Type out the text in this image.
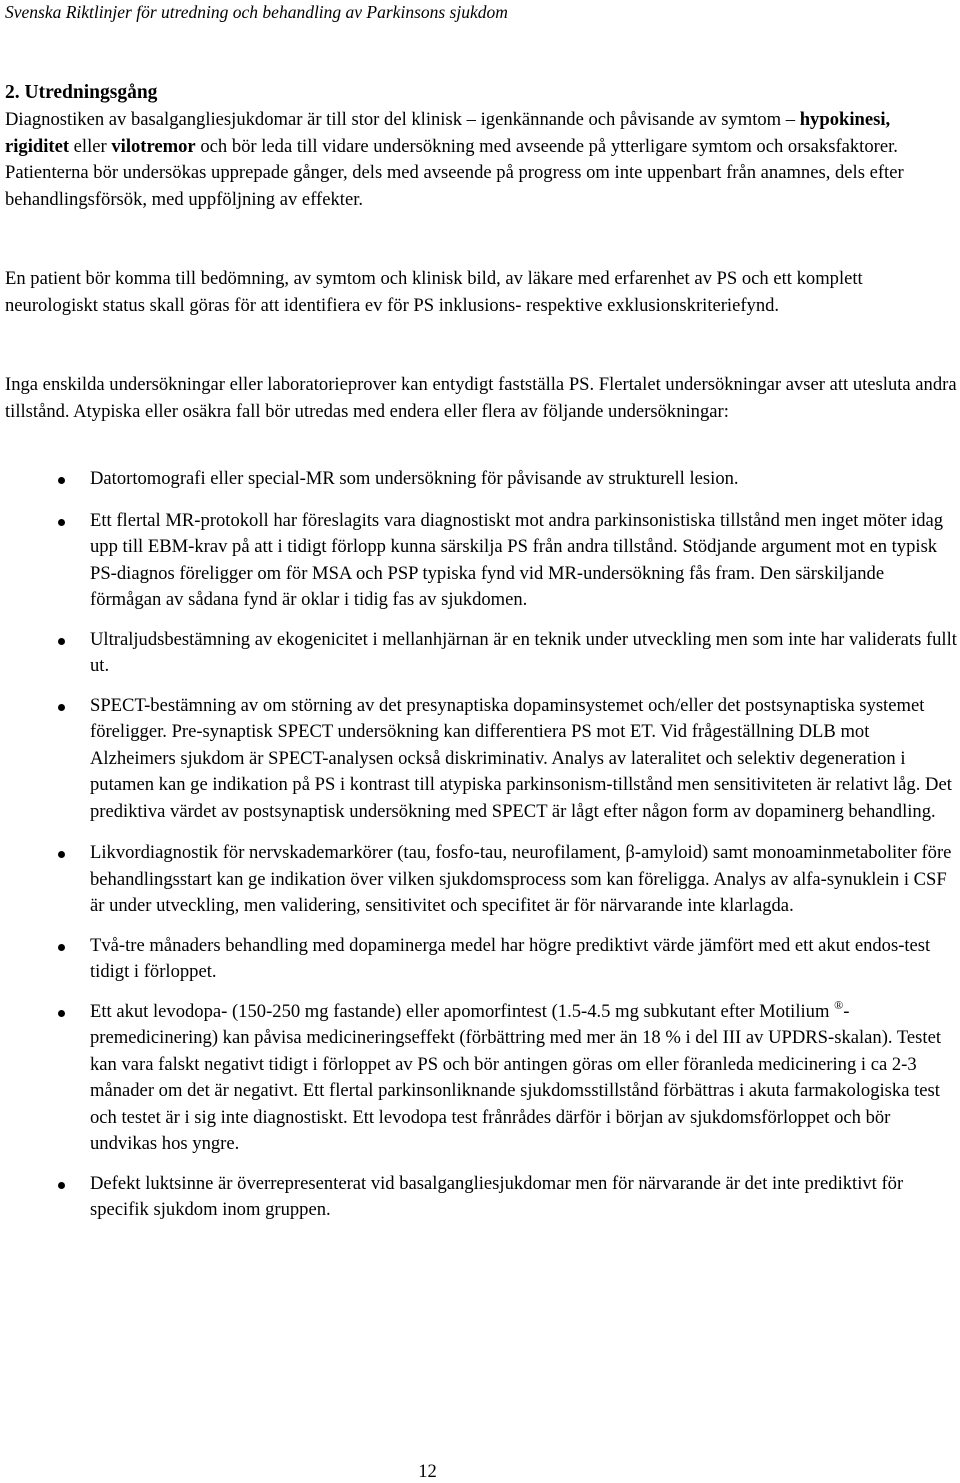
Svenska Riktlinjer för utredning och behandling av Parkinsons sjukdom
2. Utredningsgång

Diagnostiken av basalgangliesjukdomar är till stor del klinisk – igenkännande och påvisande av symtom – hypokinesi, rigiditet eller vilotremor och bör leda till vidare undersökning med avseende på ytterligare symtom och orsaksfaktorer. Patienterna bör undersökas upprepade gånger, dels med avseende på progress om inte uppenbart från anamnes, dels efter behandlingsförsök, med uppföljning av effekter.

En patient bör komma till bedömning, av symtom och klinisk bild, av läkare med erfarenhet av PS och ett komplett neurologiskt status skall göras för att identifiera ev för PS inklusions- respektive exklusionskriteriefynd.

Inga enskilda undersökningar eller laboratorieprover kan entydigt fastställa PS. Flertalet undersökningar avser att utesluta andra tillstånd. Atypiska eller osäkra fall bör utredas med endera eller flera av följande undersökningar:

Datortomografi eller special-MR som undersökning för påvisande av strukturell lesion.
Ett flertal MR-protokoll har föreslagits vara diagnostiskt mot andra parkinsonistiska tillstånd men inget möter idag upp till EBM-krav på att i tidigt förlopp kunna särskilja PS från andra tillstånd. Stödjande argument mot en typisk PS-diagnos föreligger om för MSA och PSP typiska fynd vid MR-undersökning fås fram. Den särskiljande förmågan av sådana fynd är oklar i tidig fas av sjukdomen.
Ultraljudsbestämning av ekogenicitet i mellanhjärnan är en teknik under utveckling men som inte har validerats fullt ut.
SPECT-bestämning av om störning av det presynaptiska dopaminsystemet och/eller det postsynaptiska systemet föreligger. Pre-synaptisk SPECT undersökning kan differentiera PS mot ET. Vid frågeställning DLB mot Alzheimers sjukdom är SPECT-analysen också diskriminativ. Analys av lateralitet och selektiv degeneration i putamen kan ge indikation på PS i kontrast till atypiska parkinsonism-tillstånd men sensitiviteten är relativt låg. Det prediktiva värdet av postsynaptisk undersökning med SPECT är lågt efter någon form av dopaminerg behandling.
Likvordiagnostik för nervskademarkörer (tau, fosfo-tau, neurofilament, β-amyloid) samt monoaminmetaboliter före behandlingsstart kan ge indikation över vilken sjukdomsprocess som kan föreligga. Analys av alfa-synuklein i CSF är under utveckling, men validering, sensitivitet och specifitet är för närvarande inte klarlagda.
Två-tre månaders behandling med dopaminerga medel har högre prediktivt värde jämfört med ett akut endos-test tidigt i förloppet.
Ett akut levodopa- (150-250 mg fastande) eller apomorfintest (1.5-4.5 mg subkutant efter Motilium ®-premedicinering) kan påvisa medicineringseffekt (förbättring med mer än 18 % i del III av UPDRS-skalan). Testet kan vara falskt negativt tidigt i förloppet av PS och bör antingen göras om eller föranleda medicinering i ca 2-3 månader om det är negativt. Ett flertal parkinsonliknande sjukdomsstillstånd förbättras i akuta farmakologiska test och testet är i sig inte diagnostiskt. Ett levodopa test frånrådes därför i början av sjukdomsförloppet och bör undvikas hos yngre.
Defekt luktsinne är överrepresenterat vid basalgangliesjukdomar men för närvarande är det inte prediktivt för specifik sjukdom inom gruppen.
12
